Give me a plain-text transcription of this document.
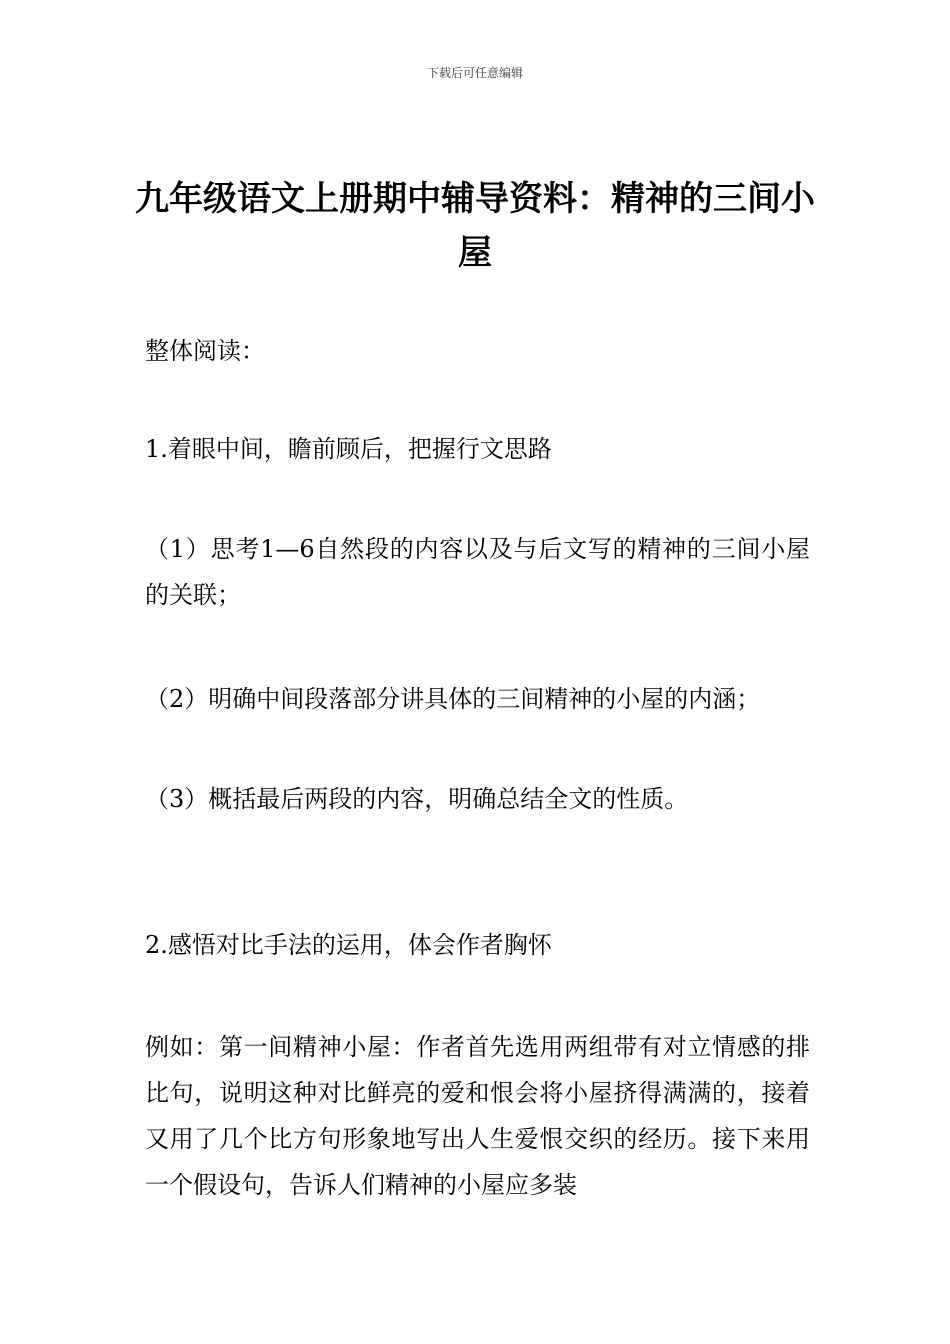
下载后可任意编辑
九年级语文上册期中辅导资料：精神的三间小屋

整体阅读：

1.着眼中间，瞻前顾后，把握行文思路

（1）思考1—6自然段的内容以及与后文写的精神的三间小屋的关联；

（2）明确中间段落部分讲具体的三间精神的小屋的内涵；

（3）概括最后两段的内容，明确总结全文的性质。

2.感悟对比手法的运用，体会作者胸怀

例如：第一间精神小屋：作者首先选用两组带有对立情感的排比句，说明这种对比鲜亮的爱和恨会将小屋挤得满满的，接着又用了几个比方句形象地写出人生爱恨交织的经历。接下来用一个假设句，告诉人们精神的小屋应多装
